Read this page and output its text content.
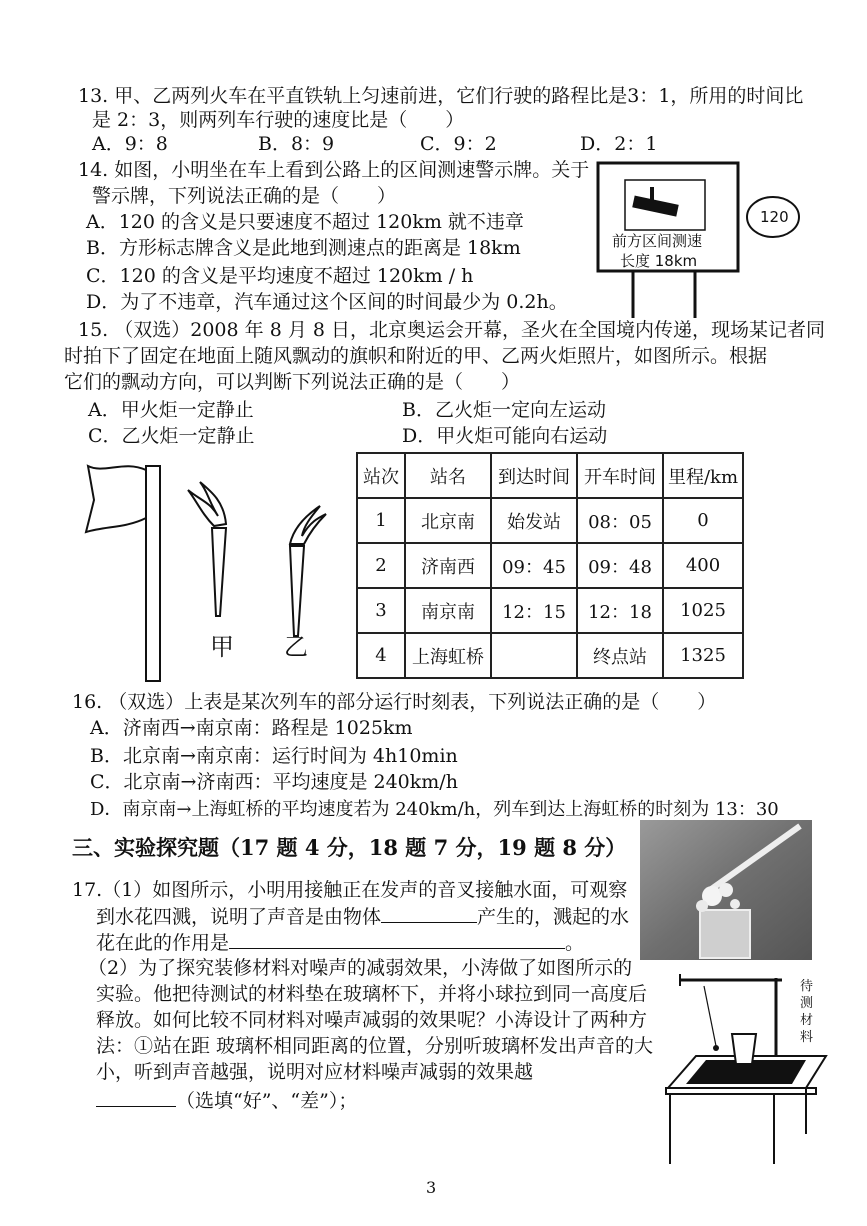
13. 甲、乙两列火车在平直铁轨上匀速前进，它们行驶的路程比是3：1，所用的时间比
是 2：3，则两列车行驶的速度比是（　　）
A．9：8	B．8：9	C．9：2	D．2：1
14. 如图，小明坐在车上看到公路上的区间测速警示牌。关于
警示牌，下列说法正确的是（　　）
A．120 的含义是只要速度不超过 120km 就不违章
B．方形标志牌含义是此地到测速点的距离是 18km
C．120 的含义是平均速度不超过 120km / h
D．为了不违章，汽车通过这个区间的时间最少为 0.2h。
前方区间测速
长度 18km
120
15. （双选）2008 年 8 月 8 日，北京奥运会开幕，圣火在全国境内传递，现场某记者同
时拍下了固定在地面上随风飘动的旗帜和附近的甲、乙两火炬照片，如图所示。根据
它们的飘动方向，可以判断下列说法正确的是（　　）
A．甲火炬一定静止	B．乙火炬一定向左运动
C．乙火炬一定静止	D．甲火炬可能向右运动
甲 乙
站次	站名	到达时间	开车时间	里程/km
1	北京南	始发站	08：05	0
2	济南西	09：45	09：48	400
3	南京南	12：15	12：18	1025
4	上海虹桥		终点站	1325
16. （双选）上表是某次列车的部分运行时刻表，下列说法正确的是（　　）
A．济南西→南京南：路程是 1025km
B．北京南→南京南：运行时间为 4h10min
C．北京南→济南西：平均速度是 240km/h
D．南京南→上海虹桥的平均速度若为 240km/h，列车到达上海虹桥的时刻为 13：30
三、实验探究题（17 题 4 分，18 题 7 分，19 题 8 分）
17.（1）如图所示，小明用接触正在发声的音叉接触水面，可观察
到水花四溅，说明了声音是由物体	产生的，溅起的水
花在此的作用是	。
（2）为了探究装修材料对噪声的减弱效果，小涛做了如图所示的
实验。他把待测试的材料垫在玻璃杯下，并将小球拉到同一高度后
释放。如何比较不同材料对噪声减弱的效果呢？小涛设计了两种方
法：①站在距 玻璃杯相同距离的位置，分别听玻璃杯发出声音的大
小，听到声音越强，说明对应材料噪声减弱的效果越
（选填“好”、“差”）；
待测材料
3
